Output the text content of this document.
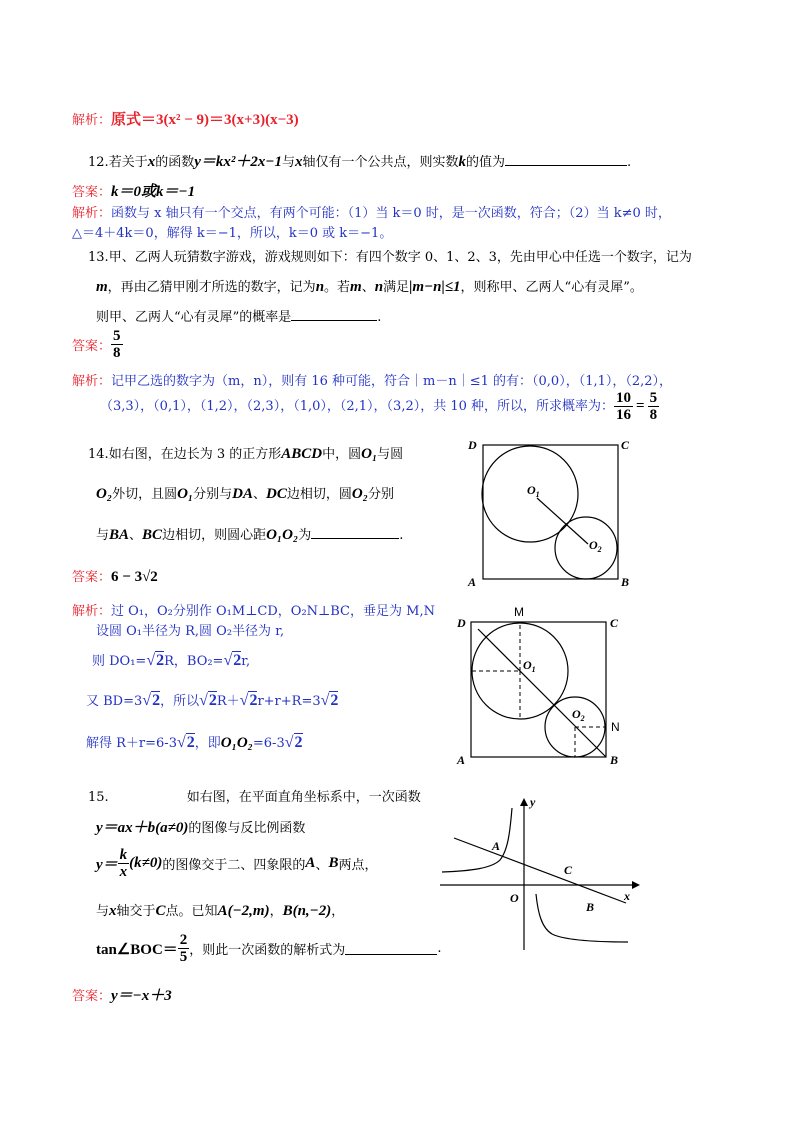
解析：原式＝3(x² − 9)＝3(x+3)(x−3)
12.若关于x的函数y＝kx²＋2x−1与x轴仅有一个公共点，则实数k的值为	.
答案：k＝0或k＝−1
解析：函数与 x 轴只有一个交点，有两个可能：（1）当 k＝0 时，是一次函数，符合；（2）当 k≠0 时，
△＝4＋4k＝0，解得 k＝−1，所以，k＝0 或 k＝−1。
13.甲、乙两人玩猜数字游戏，游戏规则如下：有四个数字 0、1、2、3，先由甲心中任选一个数字，记为
m，再由乙猜甲刚才所选的数字，记为n。若m、n满足|m−n|≤1，则称甲、乙两人“心有灵犀”。
则甲、乙两人“心有灵犀”的概率是	.
答案： $\frac{5}{8}$
解析：记甲乙选的数字为（m，n），则有 16 种可能，符合｜m－n｜≤1 的有：（0,0），（1,1），（2,2），
（3,3），（0,1），（1,2），（2,3），（1,0），（2,1），（3,2），共 10 种，所以，所求概率为： $\frac{10}{16} = \frac{5}{8}$
14.如右图，在边长为 3 的正方形ABCD中，圆O₁与圆
O₂外切，且圆O₁分别与DA、DC边相切，圆O₂分别
与BA、BC边相切，则圆心距O₁O₂为	.
答案：6 − 3√2
解析：过 O₁，O₂分别作 O₁M⊥CD，O₂N⊥BC，垂足为 M,N
设圆 O₁半径为 R,圆 O₂半径为 r,
则 DO₁=√2R，BO₂=√2r,
又 BD=3√2，所以√2R＋√2r+r+R=3√2
解得 R＋r=6-3√2，即O₁O₂=6-3√2
D	C
A	B
$O_1$
$O_2$
D	C
A	B
M
N
$O_1$
$O_2$
15.	如右图，在平面直角坐标系中，一次函数
y＝ax＋b(a≠0)的图像与反比例函数
$y= \frac{k}{x} (k\ne 0)$的图像交于二、四象限的A、B两点，
与x轴交于C点。已知A(−2,m)，B(n,−2)，
tan∠BOC＝ $\frac{2}{5}$ ，则此一次函数的解析式为	.
答案：y＝−x＋3
y
x
O
A
C
B
